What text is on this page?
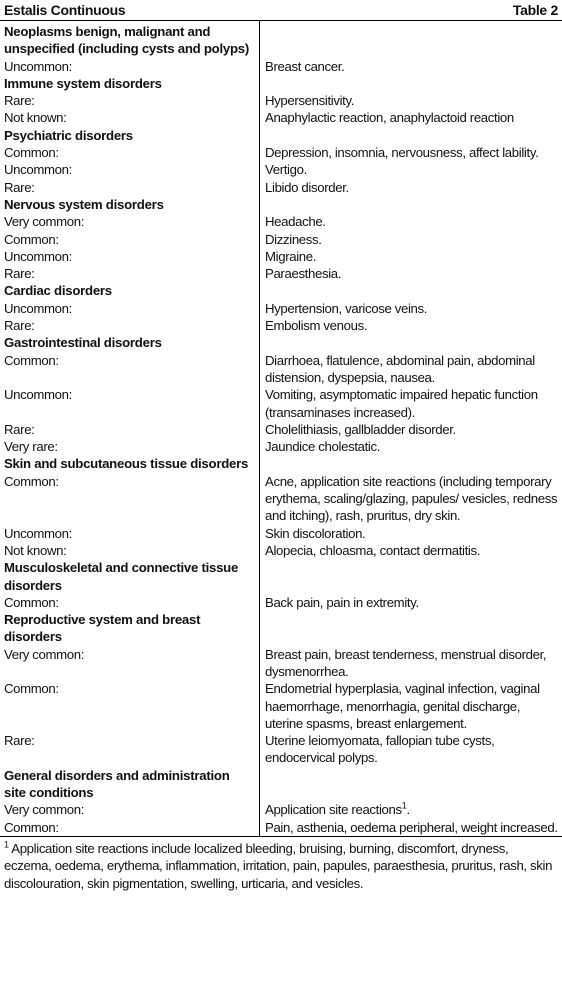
Estalis Continuous	Table 2
Neoplasms benign, malignant and unspecified (including cysts and polyps)	
Uncommon:	Breast cancer.
Immune system disorders	
Rare:	Hypersensitivity.
Not known:	Anaphylactic reaction, anaphylactoid reaction
Psychiatric disorders	
Common:	Depression, insomnia, nervousness, affect lability.
Uncommon:	Vertigo.
Rare:	Libido disorder.
Nervous system disorders	
Very common:	Headache.
Common:	Dizziness.
Uncommon:	Migraine.
Rare:	Paraesthesia.
Cardiac disorders	
Uncommon:	Hypertension, varicose veins.
Rare:	Embolism venous.
Gastrointestinal disorders	
Common:	Diarrhoea, flatulence, abdominal pain, abdominal distension, dyspepsia, nausea.
Uncommon:	Vomiting, asymptomatic impaired hepatic function (transaminases increased).
Rare:	Cholelithiasis, gallbladder disorder.
Very rare:	Jaundice cholestatic.
Skin and subcutaneous tissue disorders	
Common:	Acne, application site reactions (including temporary erythema, scaling/glazing, papules/ vesicles, redness and itching), rash, pruritus, dry skin.
Uncommon:	Skin discoloration.
Not known:	Alopecia, chloasma, contact dermatitis.
Musculoskeletal and connective tissue disorders	
Common:	Back pain, pain in extremity.
Reproductive system and breast disorders	
Very common:	Breast pain, breast tenderness, menstrual disorder, dysmenorrhea.
Common:	Endometrial hyperplasia, vaginal infection, vaginal haemorrhage, menorrhagia, genital discharge, uterine spasms, breast enlargement.
Rare:	Uterine leiomyomata, fallopian tube cysts, endocervical polyps.
General disorders and administration site conditions	
Very common:	Application site reactions$^1$.
Common:	Pain, asthenia, oedema peripheral, weight increased.
$^1$ Application site reactions include localized bleeding, bruising, burning, discomfort, dryness, eczema, oedema, erythema, inflammation, irritation, pain, papules, paraesthesia, pruritus, rash, skin discolouration, skin pigmentation, swelling, urticaria, and vesicles.
